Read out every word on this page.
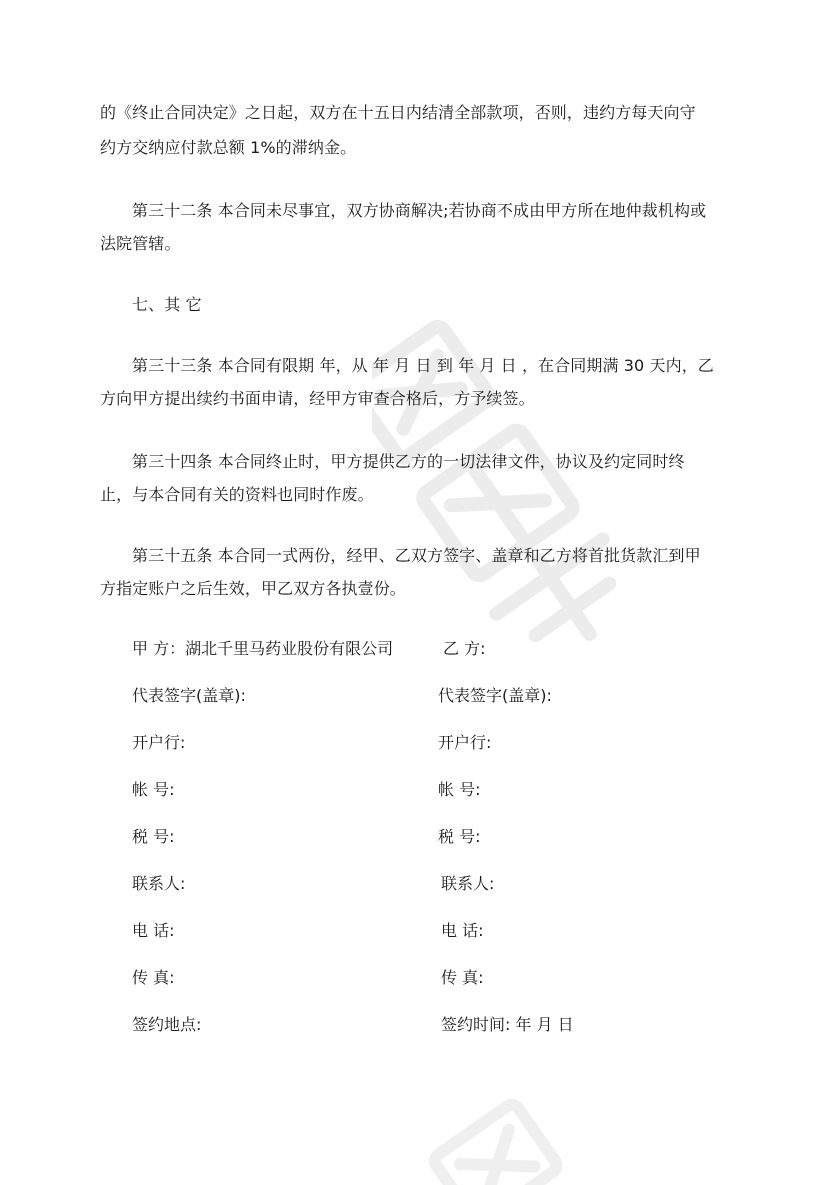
的《终止合同决定》之日起，双方在十五日内结清全部款项，否则，违约方每天向守
约方交纳应付款总额 1%的滞纳金。
第三十二条 本合同未尽事宜，双方协商解决;若协商不成由甲方所在地仲裁机构或
法院管辖。
七、其 它
第三十三条 本合同有限期 年，从 年 月 日 到 年 月 日 ，在合同期满 30 天内，乙
方向甲方提出续约书面申请，经甲方审查合格后，方予续签。
第三十四条 本合同终止时，甲方提供乙方的一切法律文件，协议及约定同时终
止，与本合同有关的资料也同时作废。
第三十五条 本合同一式两份，经甲、乙双方签字、盖章和乙方将首批货款汇到甲
方指定账户之后生效，甲乙双方各执壹份。
甲 方：湖北千里马药业股份有限公司
代表签字(盖章):
开户行:
帐 号:
税 号:
联系人:
电 话:
传 真:
签约地点:
乙 方:
代表签字(盖章):
开户行:
帐 号:
税 号:
联系人:
电 话:
传 真:
签约时间: 年 月 日
